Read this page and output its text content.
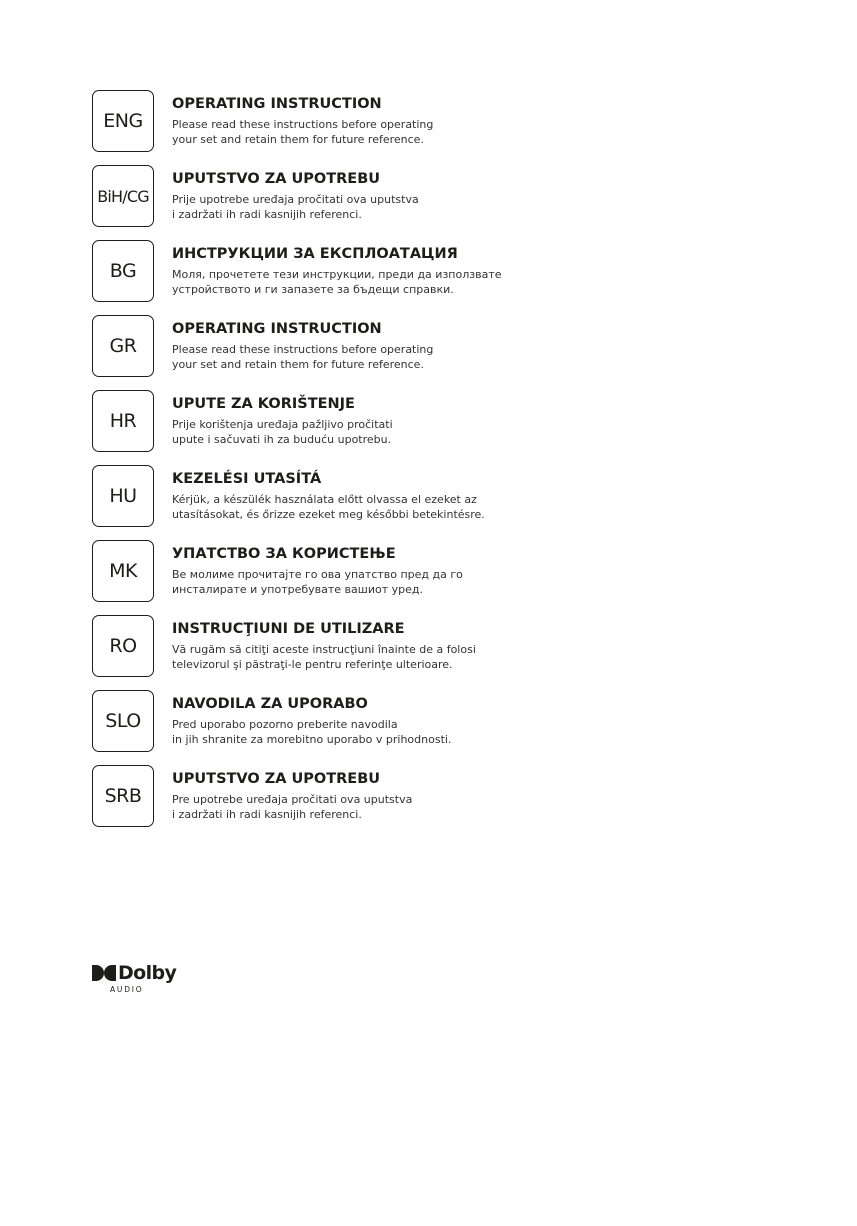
ENG
OPERATING INSTRUCTION
Please read these instructions before operating
your set and retain them for future reference.
BiH/CG
UPUTSTVO ZA UPOTREBU
Prije upotrebe uređaja pročitati ova uputstva
i zadržati ih radi kasnijih referenci.
BG
ИНСТРУКЦИИ ЗА ЕКСПЛОАТАЦИЯ
Моля, прочетете тези инструкции, преди да използвате
устройството и ги запазете за бъдещи справки.
GR
OPERATING INSTRUCTION
Please read these instructions before operating
your set and retain them for future reference.
HR
UPUTE ZA KORIŠTENJE
Prije korištenja uređaja pažljivo pročitati
upute i sačuvati ih za buduću upotrebu.
HU
KEZELÉSI UTASÍTÁ
Kérjük, a készülék használata előtt olvassa el ezeket az
utasításokat, és őrizze ezeket meg későbbi betekintésre.
MK
УПАТСТВО ЗА КОРИСТЕЊЕ
Ве молиме прочитајте го ова упатство пред да го
инсталирате и употребувате вашиот уред.
RO
INSTRUCŢIUNI DE UTILIZARE
Vă rugăm să citiţi aceste instrucţiuni înainte de a folosi
televizorul şi păstraţi-le pentru referinţe ulterioare.
SLO
NAVODILA ZA UPORABO
Pred uporabo pozorno preberite navodila
in jih shranite za morebitno uporabo v prihodnosti.
SRB
UPUTSTVO ZA UPOTREBU
Pre upotrebe uređaja pročitati ova uputstva
i zadržati ih radi kasnijih referenci.
Dolby
AUDIO
